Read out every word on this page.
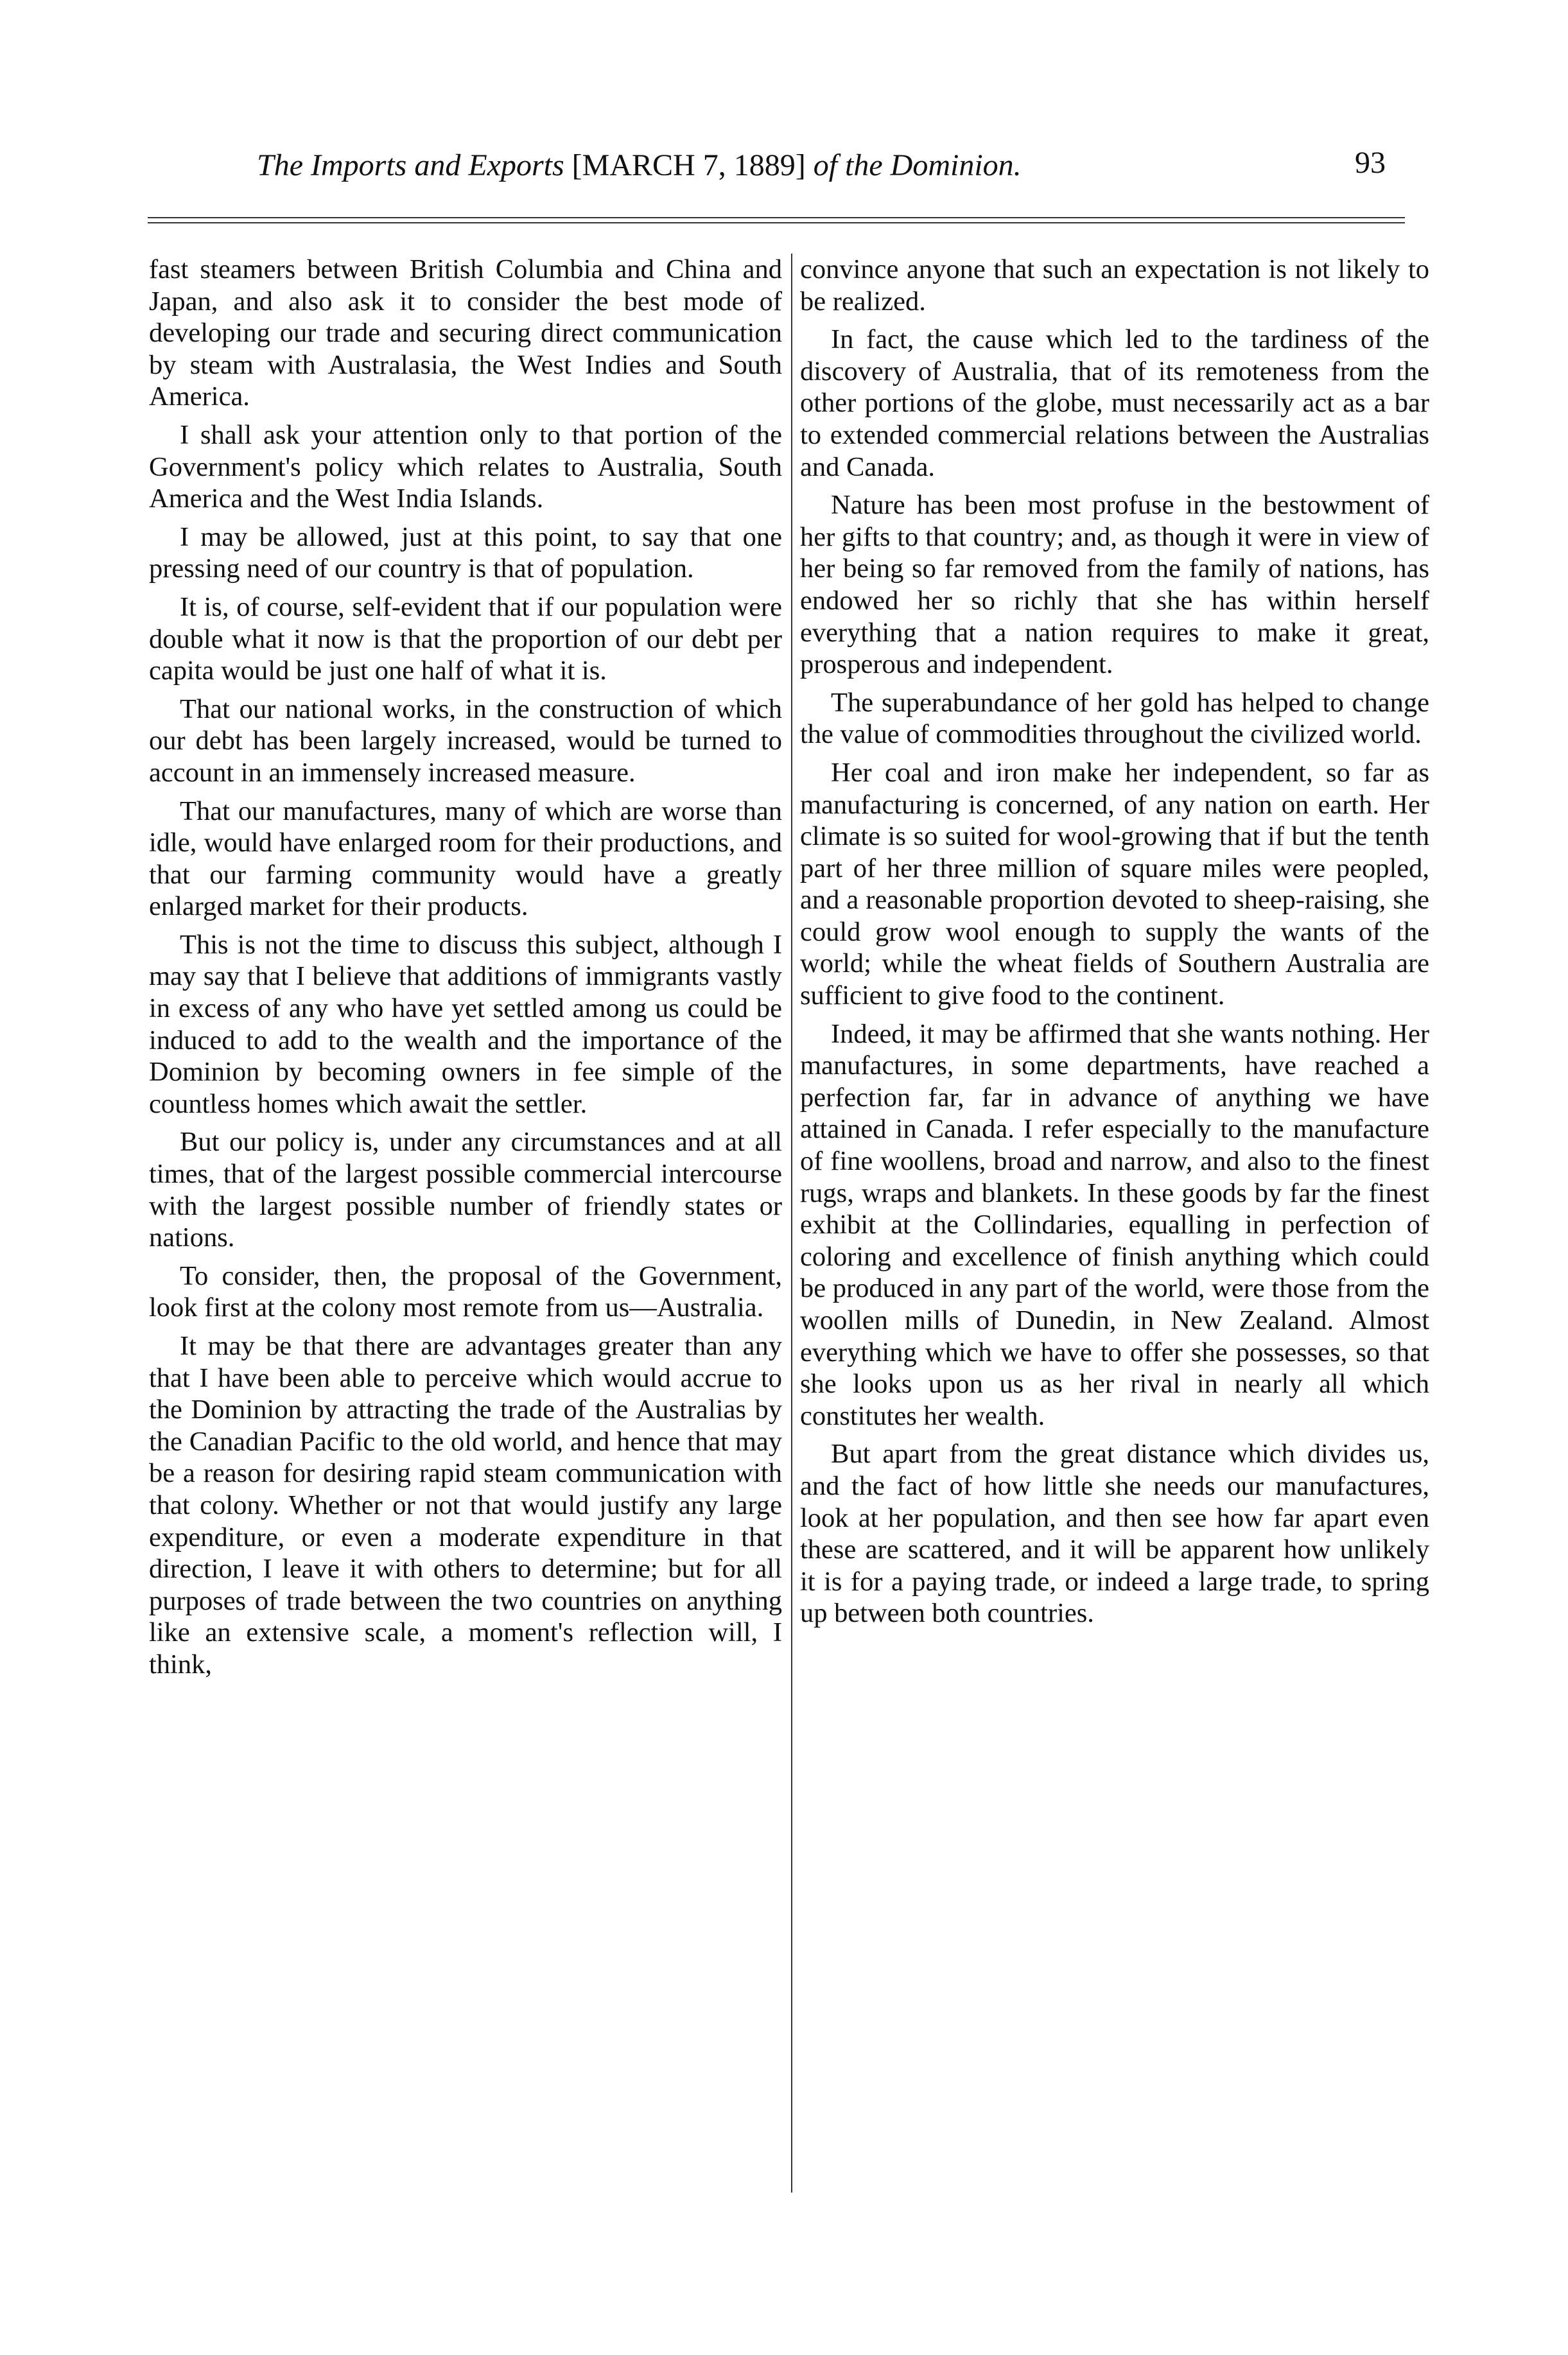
The Imports and Exports [MARCH 7, 1889] of the Dominion.	93

fast steamers between British Columbia and China and Japan, and also ask it to consider the best mode of developing our trade and securing direct communication by steam with Australasia, the West Indies and South America.

I shall ask your attention only to that portion of the Government's policy which relates to Australia, South America and the West India Islands.

I may be allowed, just at this point, to say that one pressing need of our country is that of population.

It is, of course, self-evident that if our population were double what it now is that the proportion of our debt per capita would be just one half of what it is.

That our national works, in the construction of which our debt has been largely increased, would be turned to account in an immensely increased measure.

That our manufactures, many of which are worse than idle, would have enlarged room for their productions, and that our farming community would have a greatly enlarged market for their products.

This is not the time to discuss this subject, although I may say that I believe that additions of immigrants vastly in excess of any who have yet settled among us could be induced to add to the wealth and the importance of the Dominion by becoming owners in fee simple of the countless homes which await the settler.

But our policy is, under any circumstances and at all times, that of the largest possible commercial intercourse with the largest possible number of friendly states or nations.

To consider, then, the proposal of the Government, look first at the colony most remote from us—Australia.

It may be that there are advantages greater than any that I have been able to perceive which would accrue to the Dominion by attracting the trade of the Australias by the Canadian Pacific to the old world, and hence that may be a reason for desiring rapid steam communication with that colony. Whether or not that would justify any large expenditure, or even a moderate expenditure in that direction, I leave it with others to determine; but for all purposes of trade between the two countries on anything like an extensive scale, a moment's reflection will, I think,

convince anyone that such an expectation is not likely to be realized.

In fact, the cause which led to the tardiness of the discovery of Australia, that of its remoteness from the other portions of the globe, must necessarily act as a bar to extended commercial relations between the Australias and Canada.

Nature has been most profuse in the bestowment of her gifts to that country; and, as though it were in view of her being so far removed from the family of nations, has endowed her so richly that she has within herself everything that a nation requires to make it great, prosperous and independent.

The superabundance of her gold has helped to change the value of commodities throughout the civilized world.

Her coal and iron make her independent, so far as manufacturing is concerned, of any nation on earth. Her climate is so suited for wool-growing that if but the tenth part of her three million of square miles were peopled, and a reasonable proportion devoted to sheep-raising, she could grow wool enough to supply the wants of the world; while the wheat fields of Southern Australia are sufficient to give food to the continent.

Indeed, it may be affirmed that she wants nothing. Her manufactures, in some departments, have reached a perfection far, far in advance of anything we have attained in Canada. I refer especially to the manufacture of fine woollens, broad and narrow, and also to the finest rugs, wraps and blankets. In these goods by far the finest exhibit at the Collindaries, equalling in perfection of coloring and excellence of finish anything which could be produced in any part of the world, were those from the woollen mills of Dunedin, in New Zealand. Almost everything which we have to offer she possesses, so that she looks upon us as her rival in nearly all which constitutes her wealth.

But apart from the great distance which divides us, and the fact of how little she needs our manufactures, look at her population, and then see how far apart even these are scattered, and it will be apparent how unlikely it is for a paying trade, or indeed a large trade, to spring up between both countries.
